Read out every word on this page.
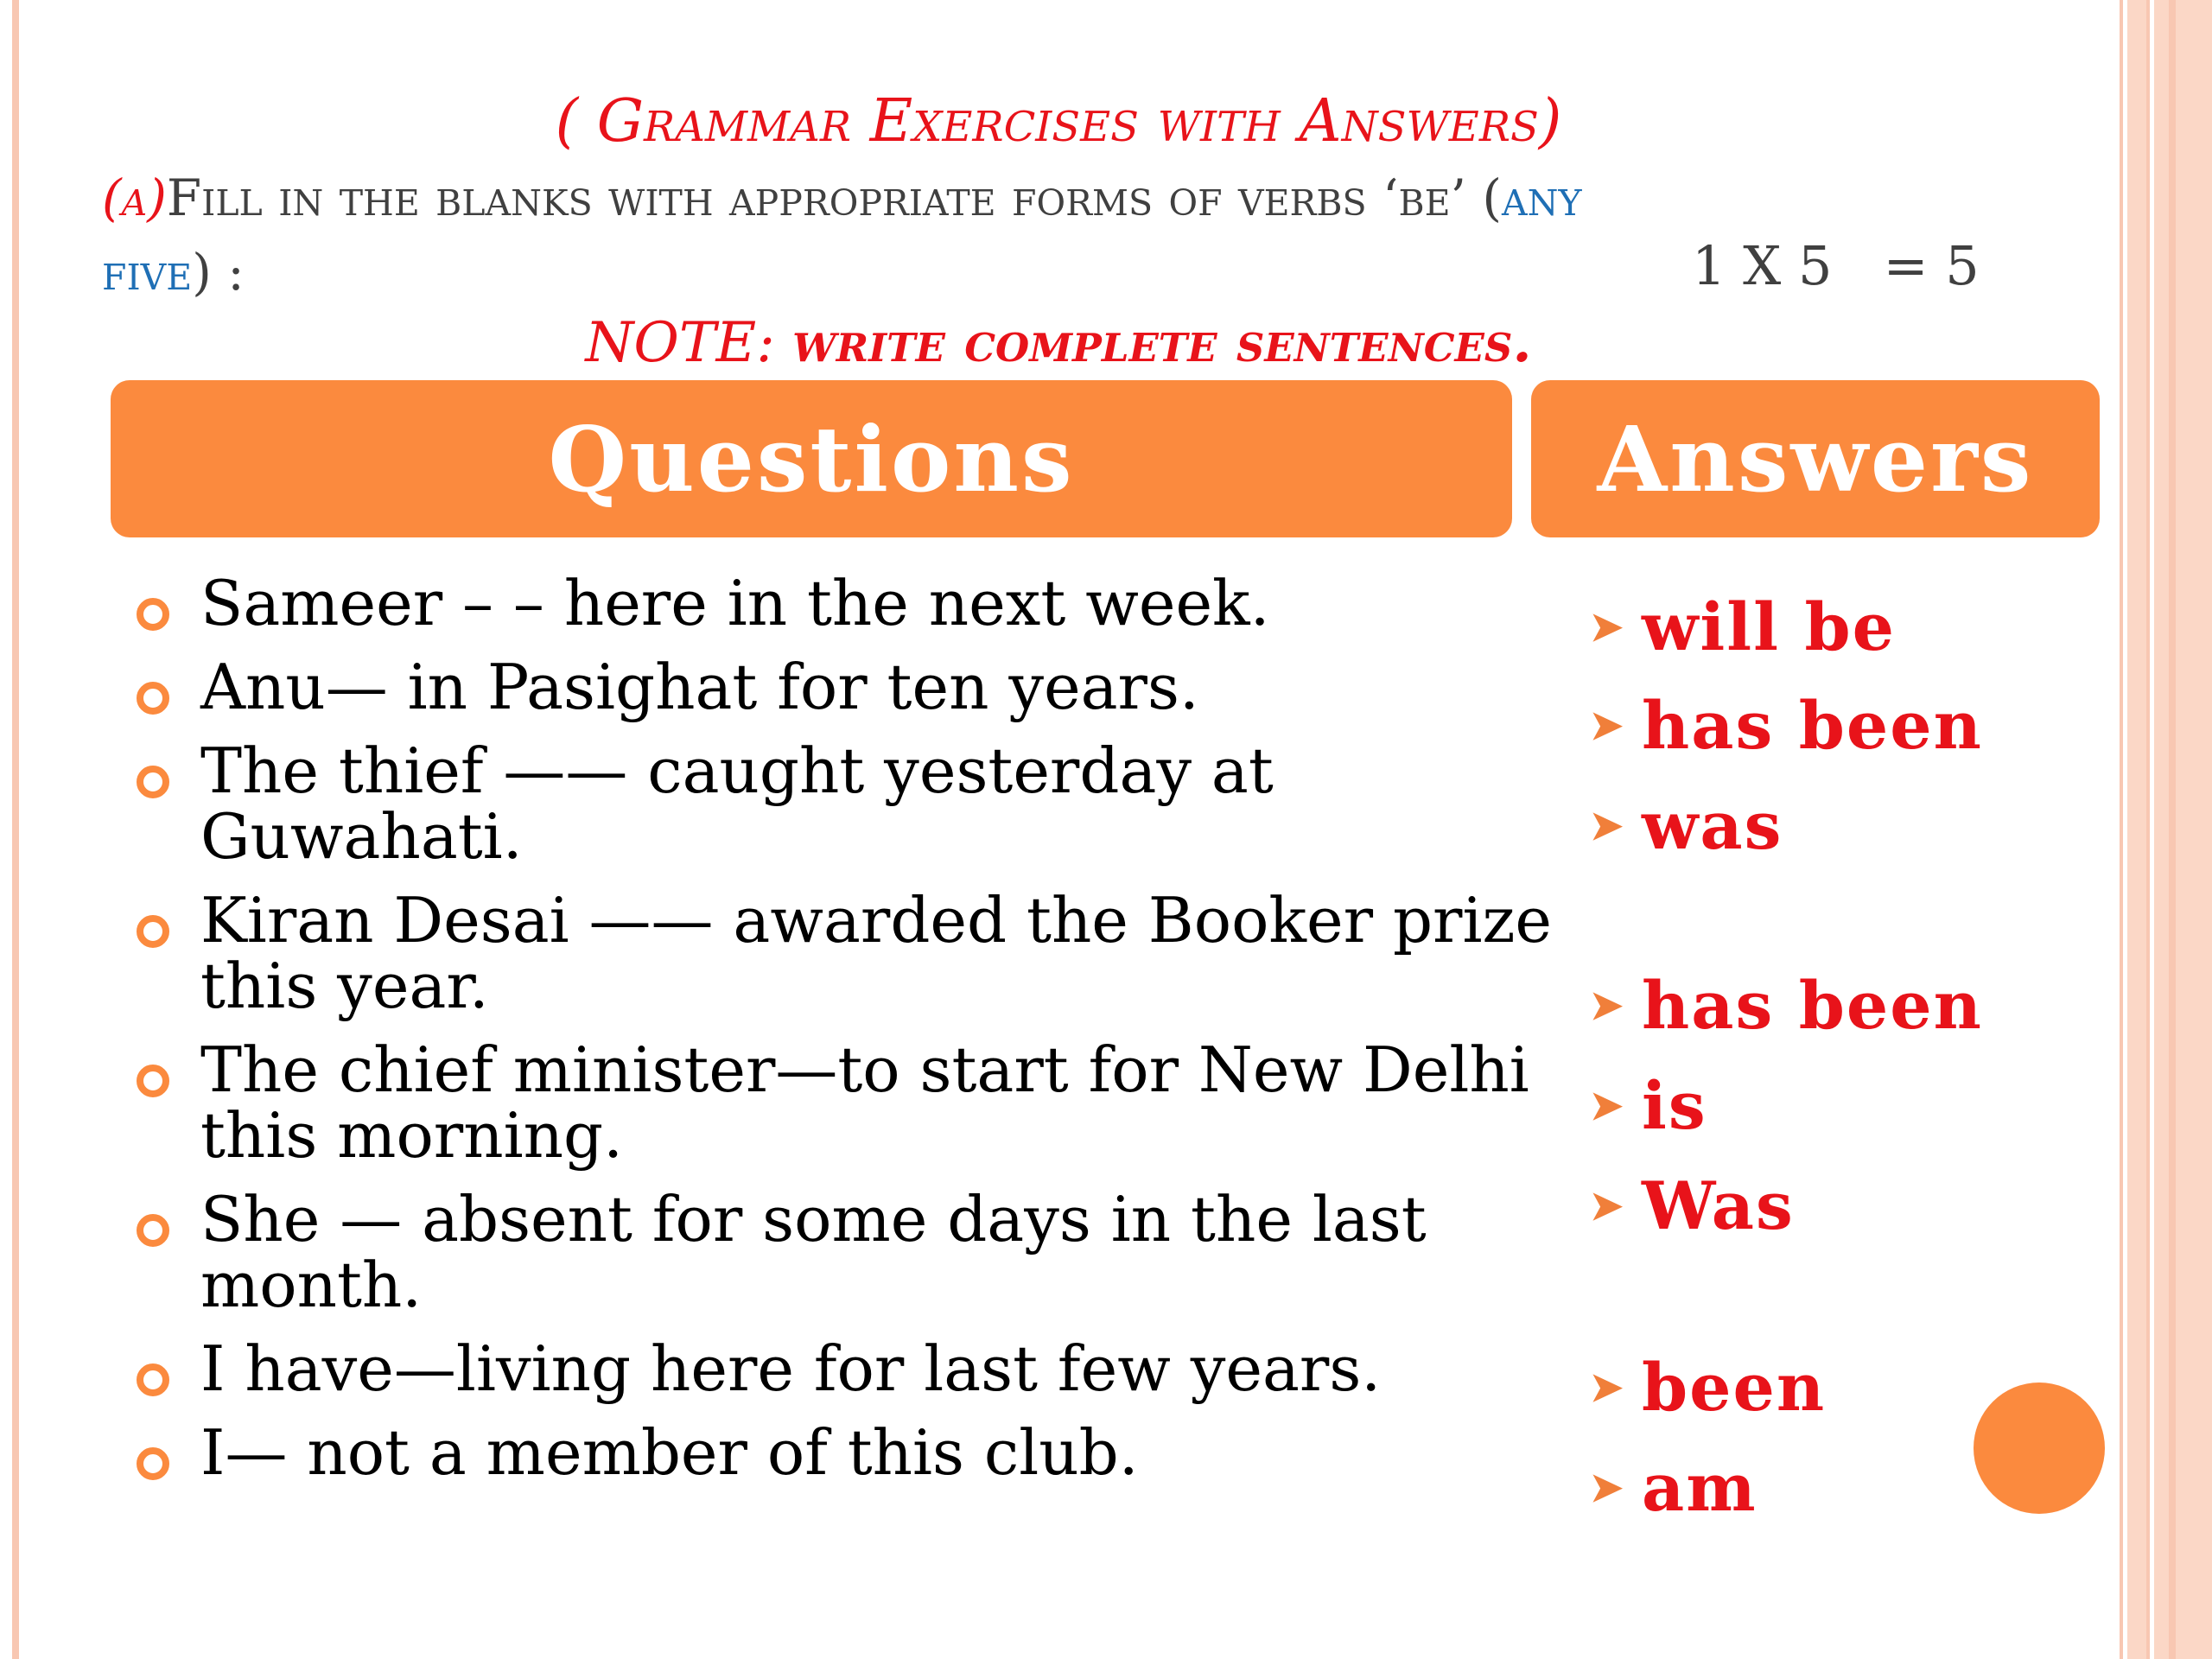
( Grammar Exercises with Answers)
(a)Fill in the blanks with appropriate forms of verbs ‘be’ (any
five) :	1 X 5   = 5
NOTE: write complete sentences.
Questions	Answers
Sameer – – here in the next week.
Anu— in Pasighat for ten years.
The thief —— caught yesterday at Guwahati.
Kiran Desai —— awarded the Booker prize this year.
The chief minister—to start for New Delhi this morning.
She — absent for some days in the last month.
I have—living here for last few years.
I— not a member of this club.
➤ will be
➤ has been
➤ was
➤ has been
➤ is
➤ Was
➤ been
➤ am
